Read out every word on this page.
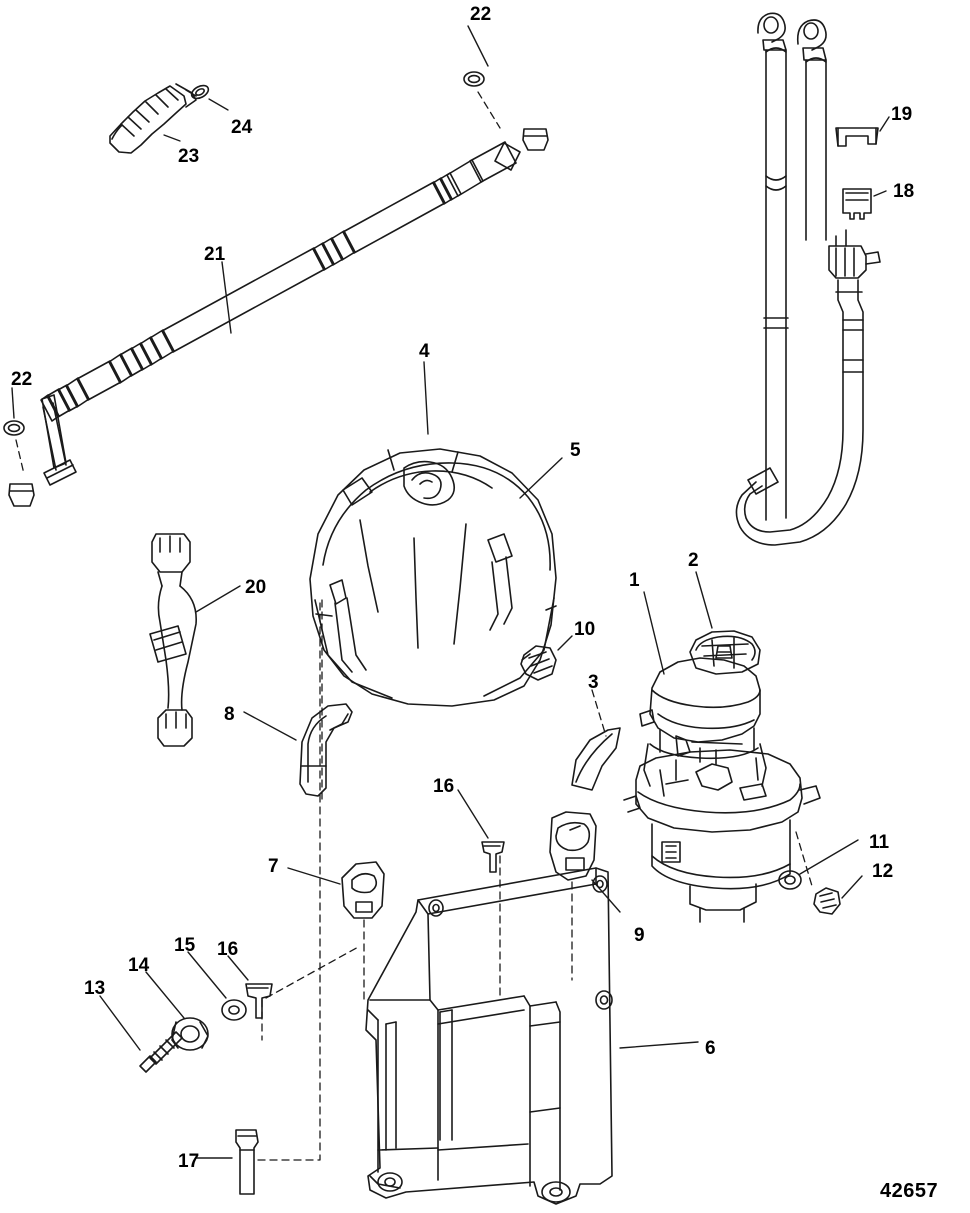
22
24
23
19
18
21
22
4
5
1
2
20
10
3
8
16
11
12
7
9
16
15
14
13
6
17
42657
